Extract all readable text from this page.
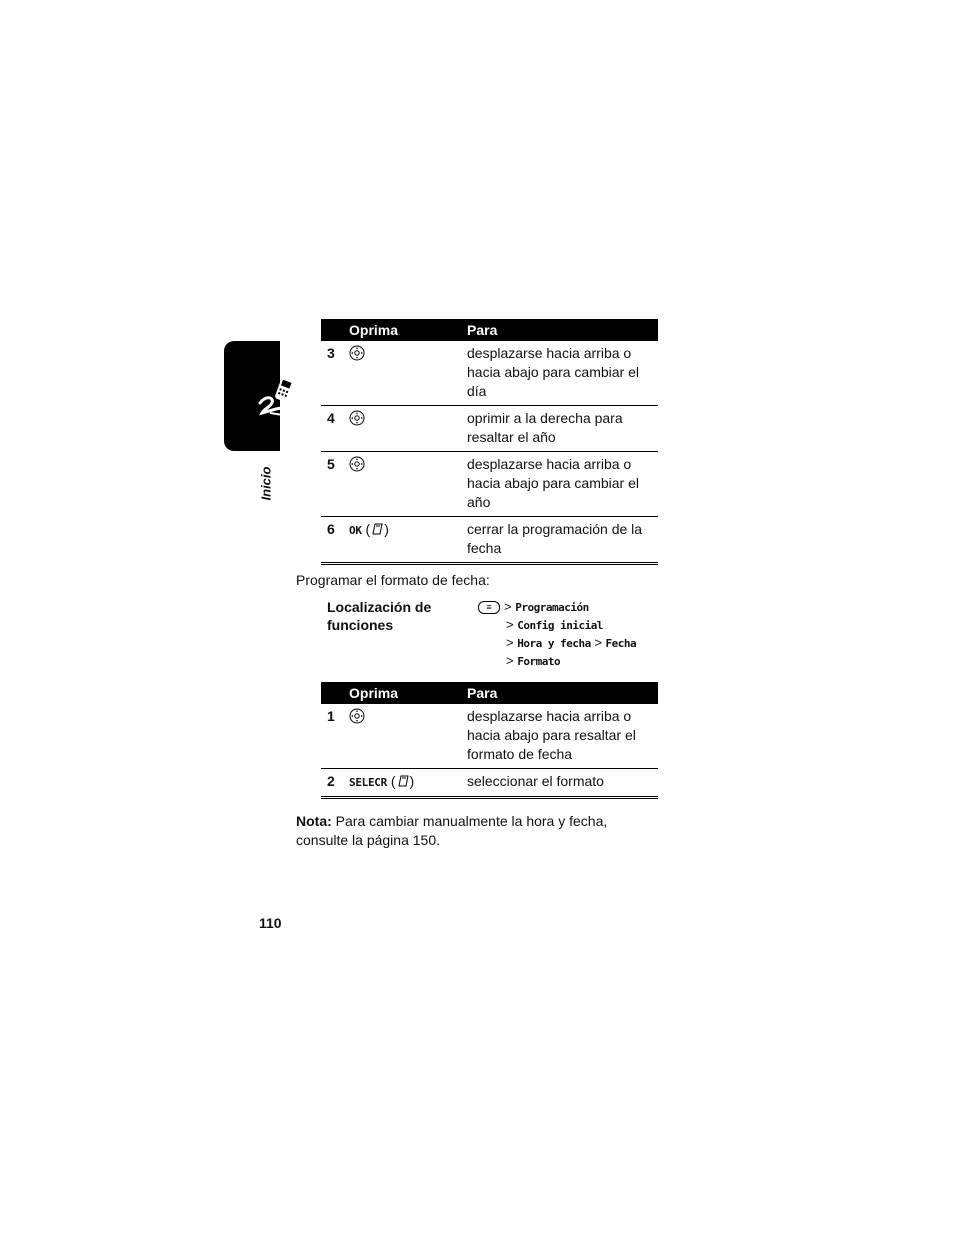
Inicio
	Oprima	Para
3		desplazarse hacia arriba o hacia abajo para cambiar el día
4		oprimir a la derecha para resaltar el año
5		desplazarse hacia arriba o hacia abajo para cambiar el año
6	OK ( )	cerrar la programación de la fecha
Programar el formato de fecha:
Localización de funciones
≡ > Programación
> Config inicial
> Hora y fecha > Fecha
> Formato
	Oprima	Para
1		desplazarse hacia arriba o hacia abajo para resaltar el formato de fecha
2	SELECR ( )	seleccionar el formato
Nota: Para cambiar manualmente la hora y fecha, consulte la página 150.
110
